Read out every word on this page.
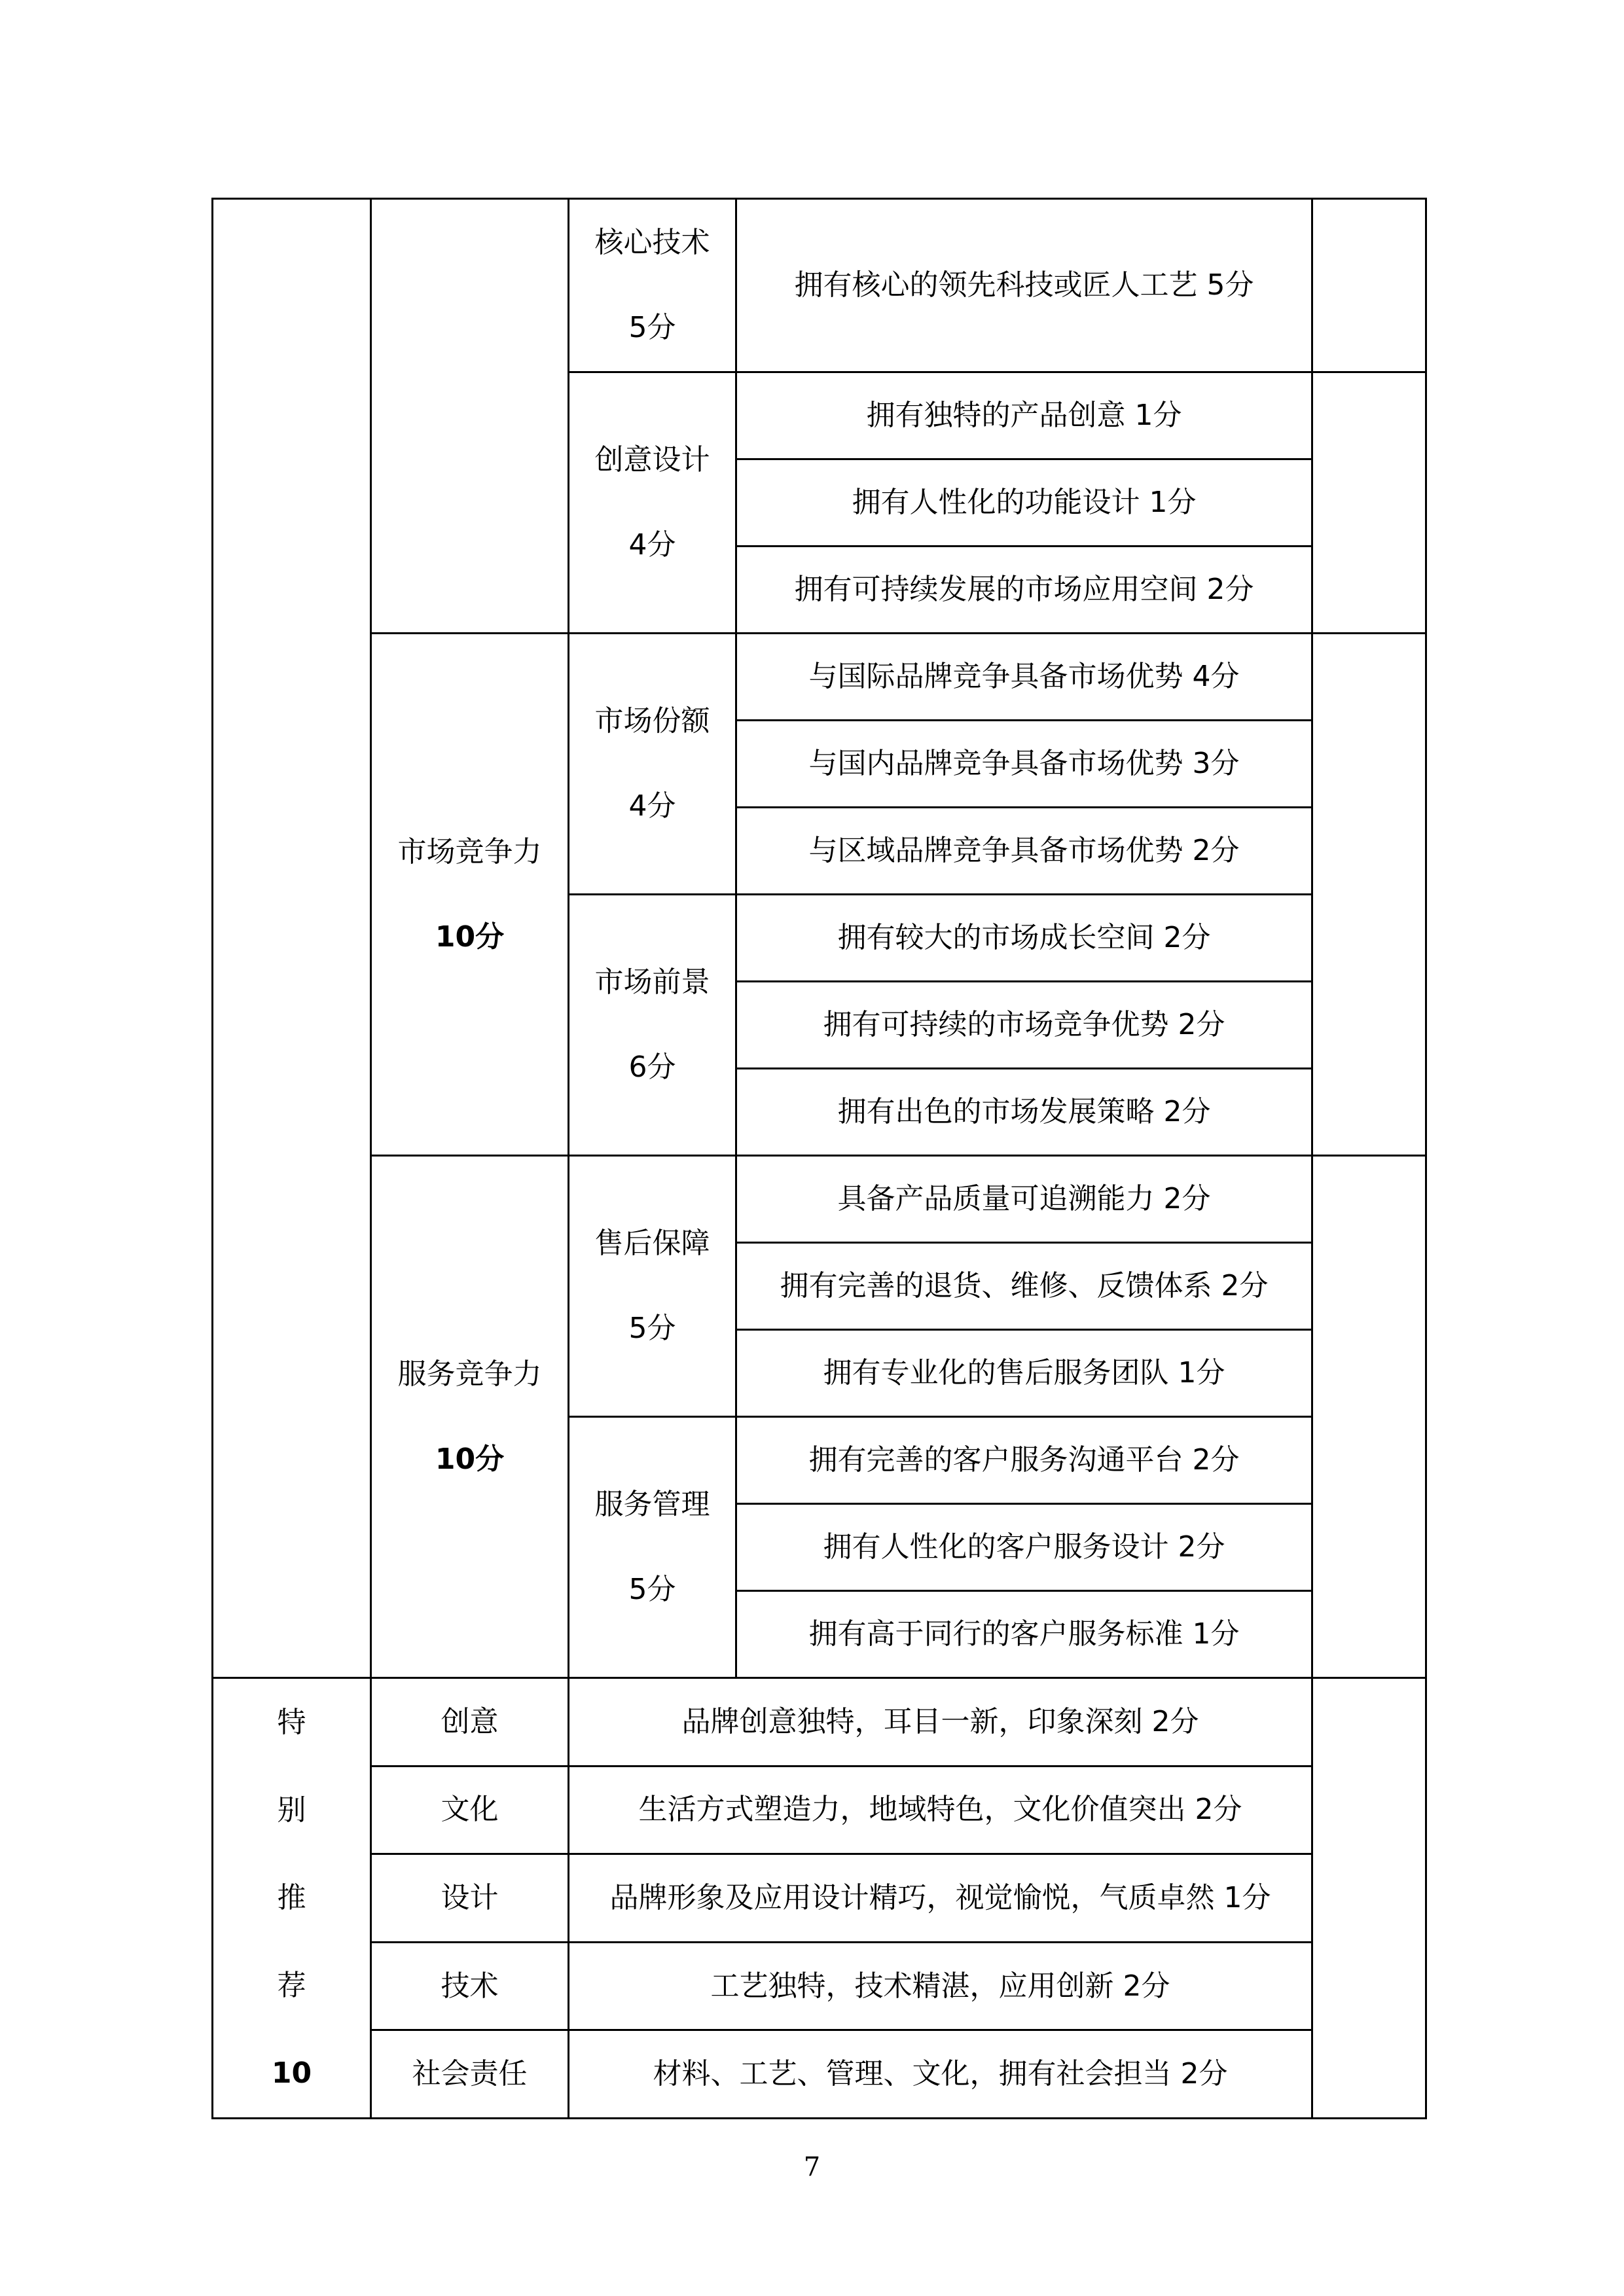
		核心技术
5分	拥有核心的领先科技或匠人工艺 5分	

		创意设计
4分	拥有独特的产品创意 1分	
			拥有人性化的功能设计 1分	
			拥有可持续发展的市场应用空间 2分	

	市场竞争力
10分	市场份额
4分	与国际品牌竞争具备市场优势 4分	
			与国内品牌竞争具备市场优势 3分	
			与区域品牌竞争具备市场优势 2分	

		市场前景
6分	拥有较大的市场成长空间 2分	
			拥有可持续的市场竞争优势 2分	
			拥有出色的市场发展策略 2分	

	服务竞争力
10分	售后保障
5分	具备产品质量可追溯能力 2分	
			拥有完善的退货、维修、反馈体系 2分	
			拥有专业化的售后服务团队 1分	

		服务管理
5分	拥有完善的客户服务沟通平台 2分	
			拥有人性化的客户服务设计 2分	
			拥有高于同行的客户服务标准 1分	

特
别
推
荐
10	创意	品牌创意独特，耳目一新，印象深刻 2分		
	文化	生活方式塑造力，地域特色，文化价值突出 2分		
	设计	品牌形象及应用设计精巧，视觉愉悦，气质卓然 1分		
	技术	工艺独特，技术精湛，应用创新 2分		
	社会责任	材料、工艺、管理、文化，拥有社会担当 2分		
7
